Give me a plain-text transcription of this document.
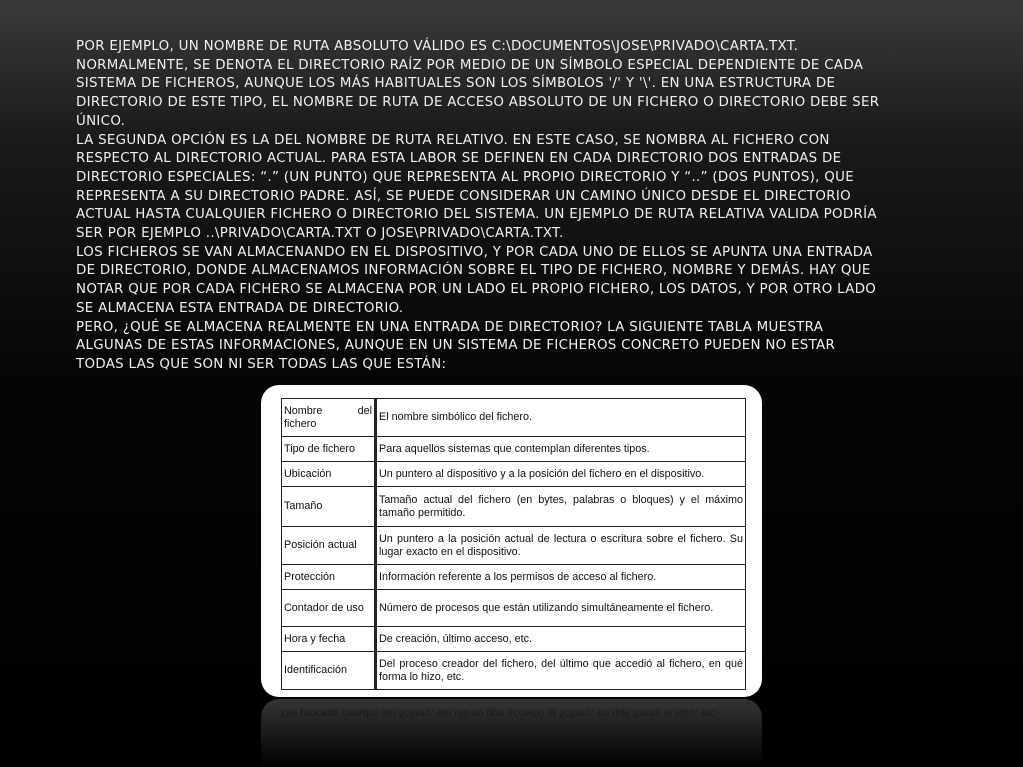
POR EJEMPLO, UN NOMBRE DE RUTA ABSOLUTO VÁLIDO ES C:\DOCUMENTOS\JOSE\PRIVADO\CARTA.TXT. NORMALMENTE, SE DENOTA EL DIRECTORIO RAÍZ POR MEDIO DE UN SÍMBOLO ESPECIAL DEPENDIENTE DE CADA SISTEMA DE FICHEROS, AUNQUE LOS MÁS HABITUALES SON LOS SÍMBOLOS '/' Y '\'. EN UNA ESTRUCTURA DE DIRECTORIO DE ESTE TIPO, EL NOMBRE DE RUTA DE ACCESO ABSOLUTO DE UN FICHERO O DIRECTORIO DEBE SER ÚNICO.

LA SEGUNDA OPCIÓN ES LA DEL NOMBRE DE RUTA RELATIVO. EN ESTE CASO, SE NOMBRA AL FICHERO CON RESPECTO AL DIRECTORIO ACTUAL. PARA ESTA LABOR SE DEFINEN EN CADA DIRECTORIO DOS ENTRADAS DE DIRECTORIO ESPECIALES: “.” (UN PUNTO) QUE REPRESENTA AL PROPIO DIRECTORIO Y “..” (DOS PUNTOS), QUE REPRESENTA A SU DIRECTORIO PADRE. ASÍ, SE PUEDE CONSIDERAR UN CAMINO ÚNICO DESDE EL DIRECTORIO ACTUAL HASTA CUALQUIER FICHERO O DIRECTORIO DEL SISTEMA. UN EJEMPLO DE RUTA RELATIVA VALIDA PODRÍA SER POR EJEMPLO ..\PRIVADO\CARTA.TXT O JOSE\PRIVADO\CARTA.TXT.

LOS FICHEROS SE VAN ALMACENANDO EN EL DISPOSITIVO, Y POR CADA UNO DE ELLOS SE APUNTA UNA ENTRADA DE DIRECTORIO, DONDE ALMACENAMOS INFORMACIÓN SOBRE EL TIPO DE FICHERO, NOMBRE Y DEMÁS. HAY QUE NOTAR QUE POR CADA FICHERO SE ALMACENA POR UN LADO EL PROPIO FICHERO, LOS DATOS, Y POR OTRO LADO SE ALMACENA ESTA ENTRADA DE DIRECTORIO.

PERO, ¿QUÉ SE ALMACENA REALMENTE EN UNA ENTRADA DE DIRECTORIO? LA SIGUIENTE TABLA MUESTRA ALGUNAS DE ESTAS INFORMACIONES, AUNQUE EN UN SISTEMA DE FICHEROS CONCRETO PUEDEN NO ESTAR TODAS LAS QUE SON NI SER TODAS LAS QUE ESTÁN:

Nombre del fichero	El nombre simbólico del fichero.
Tipo de fichero	Para aquellos sistemas que contemplan diferentes tipos.
Ubicación	Un puntero al dispositivo y a la posición del fichero en el dispositivo.
Tamaño	Tamaño actual del fichero (en bytes, palabras o bloques) y el máximo tamaño permitido.
Posición actual	Un puntero a la posición actual de lectura o escritura sobre el fichero. Su lugar exacto en el dispositivo.
Protección	Información referente a los permisos de acceso al fichero.
Contador de uso	Número de procesos que están utilizando simultáneamente el fichero.
Hora y fecha	De creación, último acceso, etc.
Identificación	Del proceso creador del fichero, del último que accedió al fichero, en qué forma lo hizo, etc.
Del proceso creador del fichero, del último que accedió al fichero, en qué forma lo hizo, etc.
